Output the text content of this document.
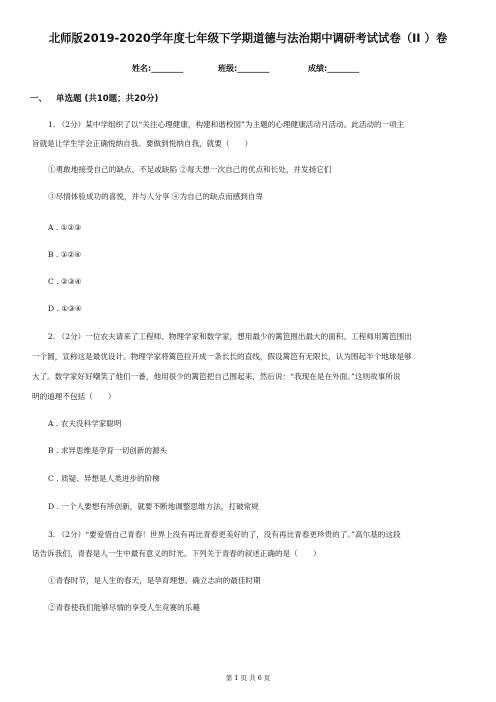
北师版2019-2020学年度七年级下学期道德与法治期中调研考试试卷（II ）卷
姓名:________	班级:________	成绩:________
一、 单选题 (共10题；共20分)
1. （2分）某中学组织了以“关注心理健康，构建和谐校园”为主题的心理健康活动月活动。此活动的一项主
旨就是让学生学会正确悦纳自我。要做到悦纳自我，就要（　　）
①勇敢地接受自己的缺点、不足或缺陷 ②每天想一次自己的优点和长处，并发扬它们
③尽情体验成功的喜悦，并与人分享 ④为自己的缺点而感到自卑
A . ①②③
B . ①②④
C . ②③④
D . ①③④
2. （2分）一位农夫请来了工程师、物理学家和数学家，想用最少的篱笆围出最大的面积。工程师用篱笆围出
一个圆，宣称这是最优设计。物理学家将篱笆拉开成一条长长的直线，假设篱笆有无限长，认为围起半个地球是够
大了。数学家好好嘲笑了他们一番，他用很少的篱笆把自己围起来，然后说：“我现在是在外面。”这则故事所说
明的道理不包括（　　）
A . 农夫没科学家聪明
B . 求异思维是孕育一切创新的源头
C . 质疑、异想是人类进步的阶梯
D . 一个人要想有所创新，就要不断地调整思维方法，打破常规
3. （2分）“要爱惜自己青春！世界上没有再比青春更美好的了，没有再比青春更珍贵的了。”高尔基的这段
话告诉我们，青春是人一生中最有意义的时光。下列关于青春的叙述正确的是（　　）
①青春时节，是人生的春天，是孕育理想、确立志向的最佳时期
②青春使我们能够尽情的享受人生竞赛的乐趣
第 1 页 共 6 页
